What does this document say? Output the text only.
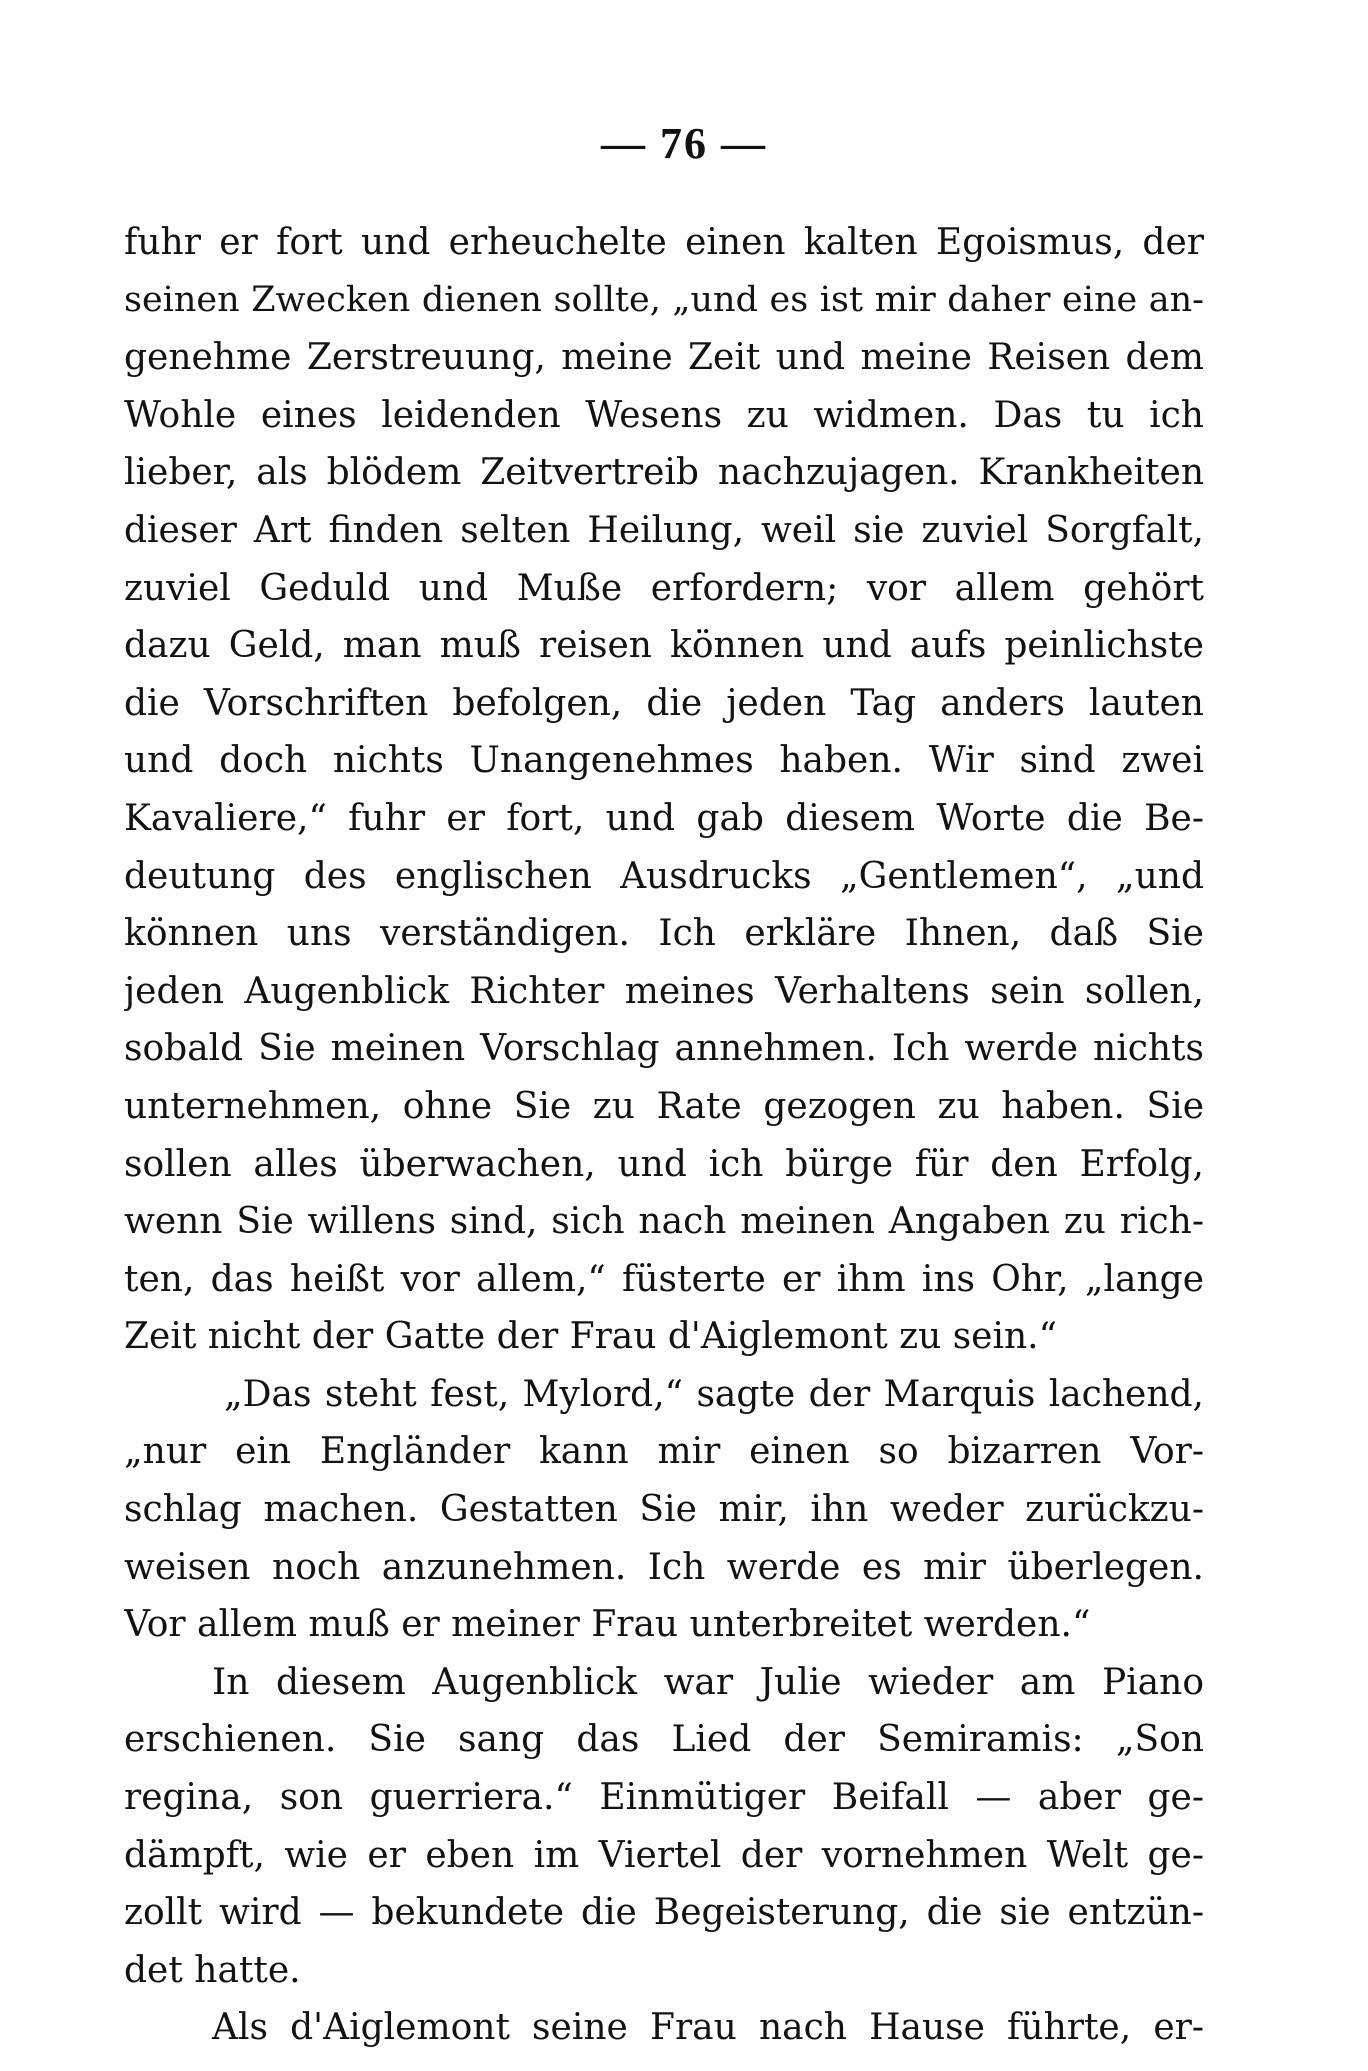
— 76 —
fuhr er fort und erheuchelte einen kalten Egoismus, der
seinen Zwecken dienen sollte, „und es ist mir daher eine an-
genehme Zerstreuung, meine Zeit und meine Reisen dem
Wohle eines leidenden Wesens zu widmen. Das tu ich
lieber, als blödem Zeitvertreib nachzujagen. Krankheiten
dieser Art finden selten Heilung, weil sie zuviel Sorgfalt,
zuviel Geduld und Muße erfordern; vor allem gehört
dazu Geld, man muß reisen können und aufs peinlichste
die Vorschriften befolgen, die jeden Tag anders lauten
und doch nichts Unangenehmes haben. Wir sind zwei
Kavaliere,“ fuhr er fort, und gab diesem Worte die Be-
deutung des englischen Ausdrucks „Gentlemen“, „und
können uns verständigen. Ich erkläre Ihnen, daß Sie
jeden Augenblick Richter meines Verhaltens sein sollen,
sobald Sie meinen Vorschlag annehmen. Ich werde nichts
unternehmen, ohne Sie zu Rate gezogen zu haben. Sie
sollen alles überwachen, und ich bürge für den Erfolg,
wenn Sie willens sind, sich nach meinen Angaben zu rich-
ten, das heißt vor allem,“ füsterte er ihm ins Ohr, „lange
Zeit nicht der Gatte der Frau d'Aiglemont zu sein.“
„Das steht fest, Mylord,“ sagte der Marquis lachend,
„nur ein Engländer kann mir einen so bizarren Vor-
schlag machen. Gestatten Sie mir, ihn weder zurückzu-
weisen noch anzunehmen. Ich werde es mir überlegen.
Vor allem muß er meiner Frau unterbreitet werden.“
In diesem Augenblick war Julie wieder am Piano
erschienen. Sie sang das Lied der Semiramis: „Son
regina, son guerriera.“ Einmütiger Beifall — aber ge-
dämpft, wie er eben im Viertel der vornehmen Welt ge-
zollt wird — bekundete die Begeisterung, die sie entzün-
det hatte.
Als d'Aiglemont seine Frau nach Hause führte, er-
